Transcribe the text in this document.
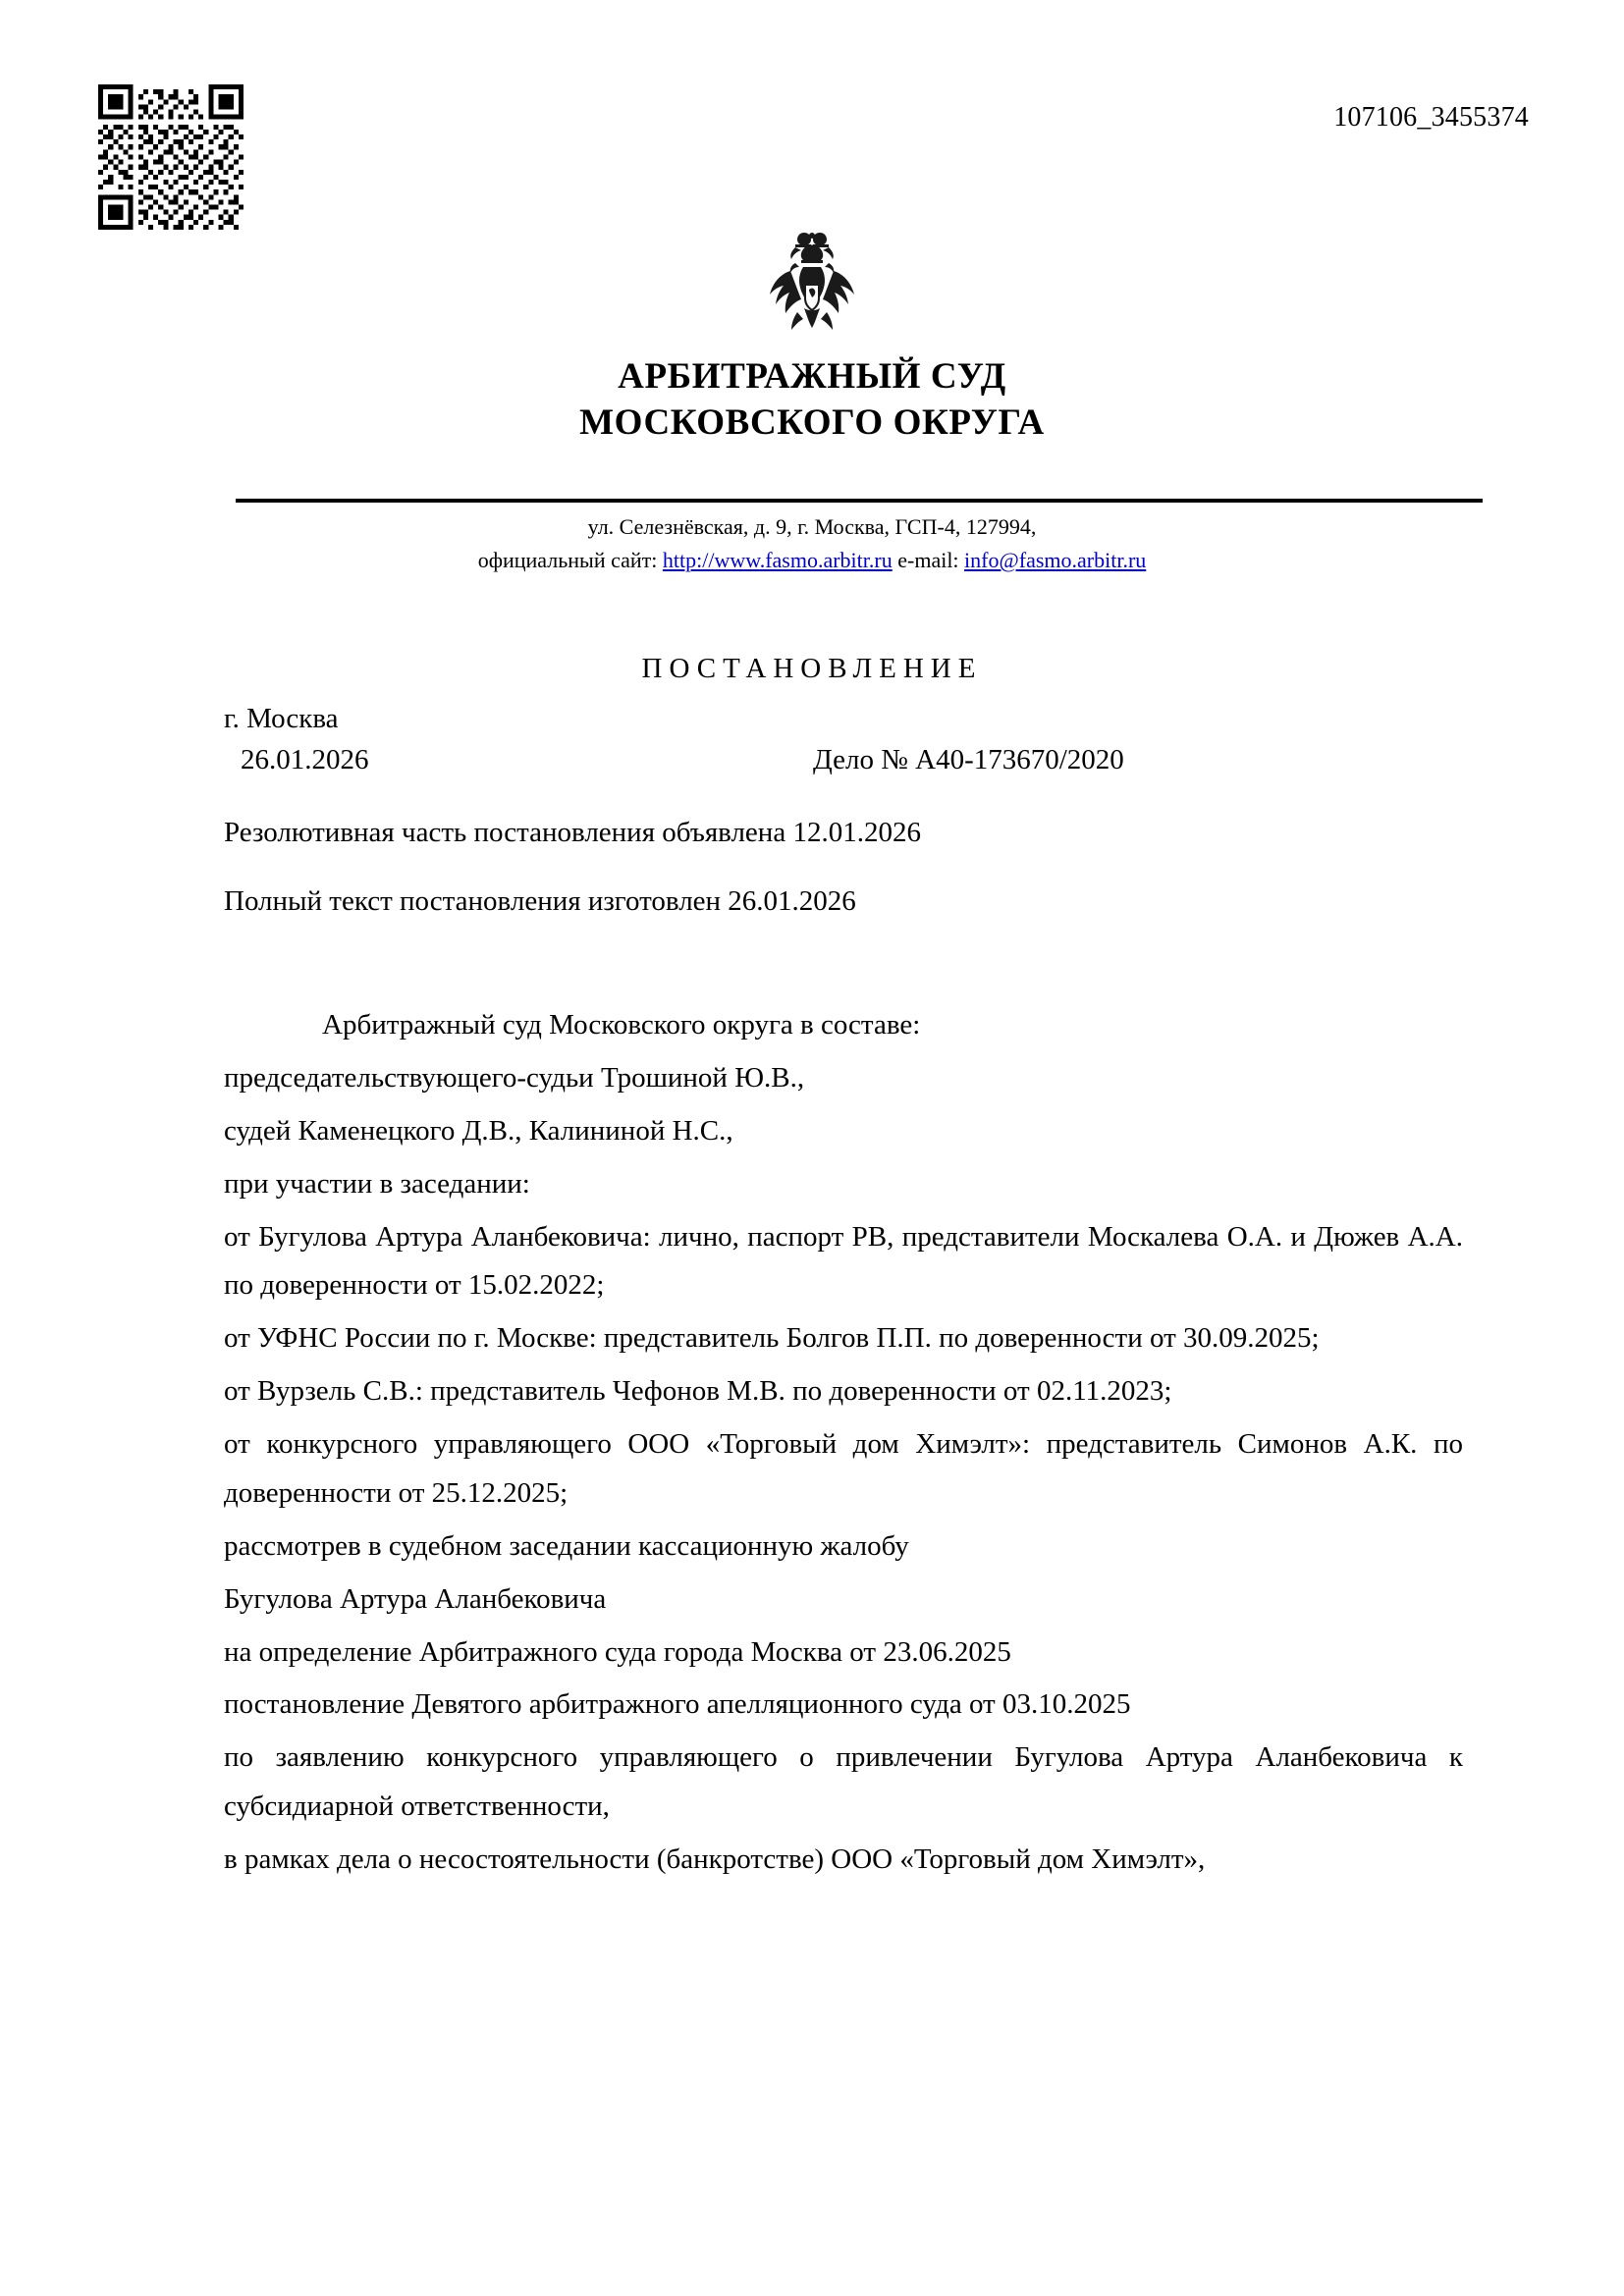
107106_3455374
АРБИТРАЖНЫЙ СУД
МОСКОВСКОГО ОКРУГА
ул. Селезнёвская, д. 9, г. Москва, ГСП-4, 127994,
официальный сайт: http://www.fasmo.arbitr.ru e-mail: info@fasmo.arbitr.ru
ПОСТАНОВЛЕНИЕ
г. Москва
26.01.2026	Дело № А40-173670/2020
Резолютивная часть постановления объявлена 12.01.2026
Полный текст постановления изготовлен 26.01.2026

Арбитражный суд Московского округа в составе:

председательствующего-судьи Трошиной Ю.В.,

судей Каменецкого Д.В., Калининой Н.С.,

при участии в заседании:

от Бугулова Артура Аланбековича: лично, паспорт РВ, представители Москалева О.А. и Дюжев А.А. по доверенности от 15.02.2022;

от УФНС России по г. Москве: представитель Болгов П.П. по доверенности от 30.09.2025;

от Вурзель С.В.: представитель Чефонов М.В. по доверенности от 02.11.2023;

от конкурсного управляющего ООО «Торговый дом Химэлт»: представитель Симонов А.К. по доверенности от 25.12.2025;

рассмотрев в судебном заседании кассационную жалобу

Бугулова Артура Аланбековича

на определение Арбитражного суда города Москва от 23.06.2025

постановление Девятого арбитражного апелляционного суда от 03.10.2025

по заявлению конкурсного управляющего о привлечении Бугулова Артура Аланбековича к субсидиарной ответственности,

в рамках дела о несостоятельности (банкротстве) ООО «Торговый дом Химэлт»,
